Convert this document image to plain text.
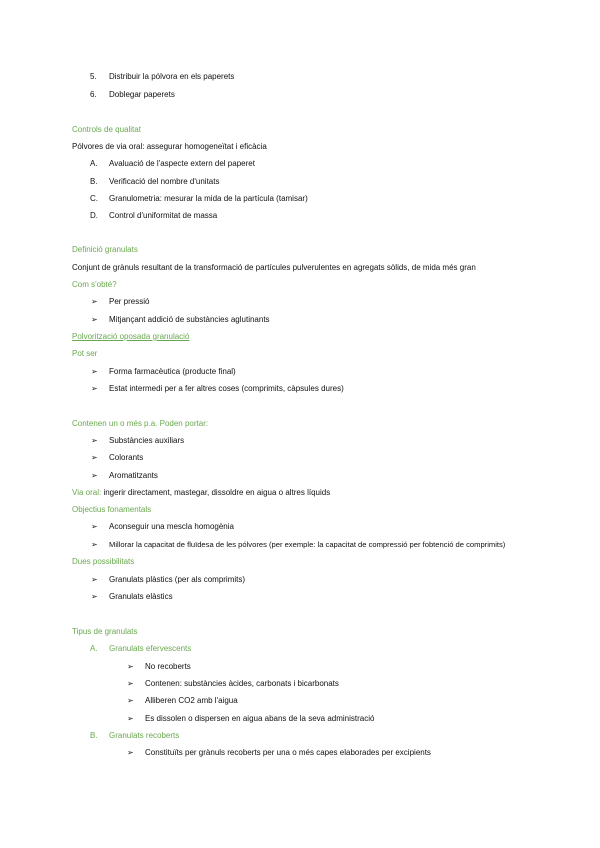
5. Distribuir la pólvora en els paperets
6. Doblegar paperets
Controls de qualitat
Pólvores de via oral: assegurar homogeneïtat i eficàcia
A. Avaluació de l'aspecte extern del paperet
B. Verificació del nombre d'unitats
C. Granulometria: mesurar la mida de la partícula (tamisar)
D. Control d'uniformitat de massa
Definició granulats
Conjunt de grànuls resultant de la transformació de partícules pulverulentes en agregats sòlids, de mida més gran
Com s'obté?
➢ Per pressió
➢ Mitjançant addició de substàncies aglutinants
Polvorització oposada granulació
Pot ser
➢ Forma farmacèutica (producte final)
➢ Estat intermedi per a fer altres coses (comprimits, càpsules dures)
Contenen un o més p.a. Poden portar:
➢ Substàncies auxiliars
➢ Colorants
➢ Aromatitzants
Via oral: ingerir directament, mastegar, dissoldre en aigua o altres líquids
Objectius fonamentals
➢ Aconseguir una mescla homogènia
➢ Millorar la capacitat de fluïdesa de les pólvores (per exemple: la capacitat de compressió per fobtenció de comprimits)
Dues possibilitats
➢ Granulats plàstics (per als comprimits)
➢ Granulats elàstics
Tipus de granulats
A. Granulats efervescents
➢ No recoberts
➢ Contenen: substàncies àcides, carbonats i bicarbonats
➢ Alliberen CO2 amb l'aigua
➢ Es dissolen o dispersen en aigua abans de la seva administració
B. Granulats recoberts
➢ Constituïts per grànuls recoberts per una o més capes elaborades per excipients
